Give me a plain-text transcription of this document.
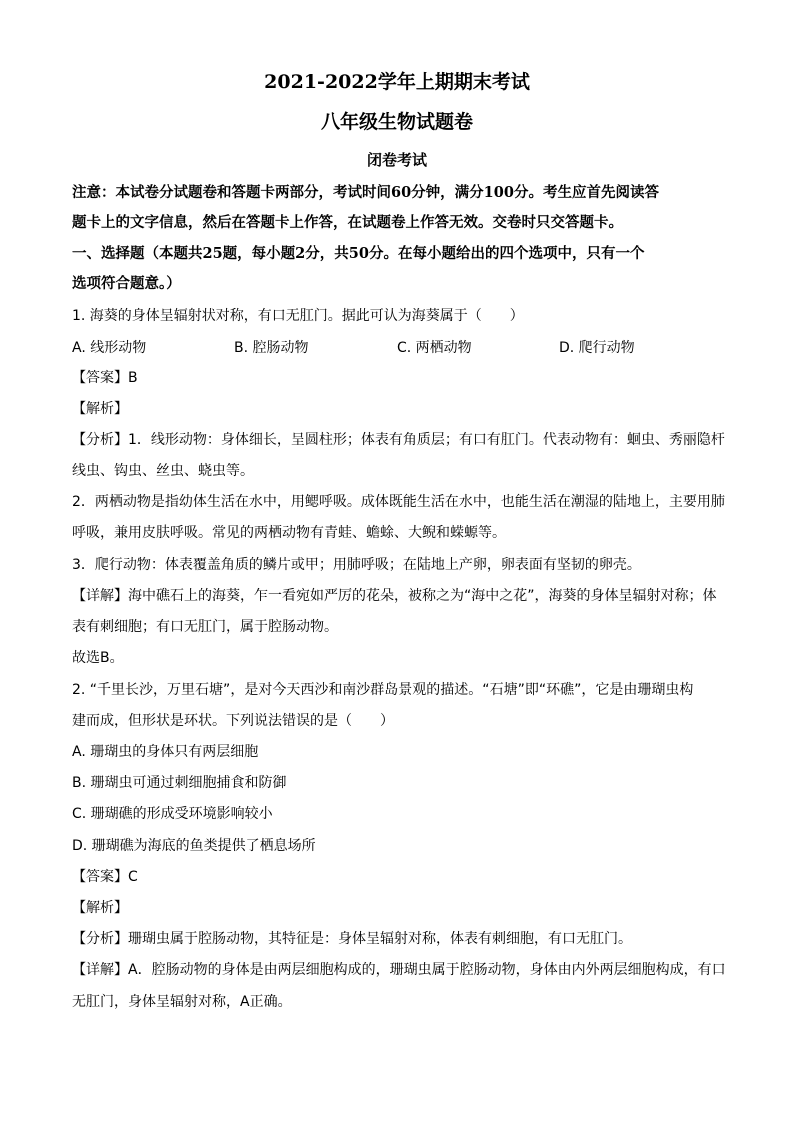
2021-2022学年上期期末考试
八年级生物试题卷
闭卷考试
注意：本试卷分试题卷和答题卡两部分，考试时间60分钟，满分100分。考生应首先阅读答
题卡上的文字信息，然后在答题卡上作答，在试题卷上作答无效。交卷时只交答题卡。
一、选择题（本题共25题，每小题2分，共50分。在每小题给出的四个选项中，只有一个
选项符合题意。）
1. 海葵的身体呈辐射状对称，有口无肛门。据此可认为海葵属于（　　）
A. 线形动物	B. 腔肠动物	C. 两栖动物	D. 爬行动物
【答案】B
【解析】
【分析】1．线形动物：身体细长，呈圆柱形；体表有角质层；有口有肛门。代表动物有：蛔虫、秀丽隐杆
线虫、钩虫、丝虫、蛲虫等。
2．两栖动物是指幼体生活在水中，用鳃呼吸。成体既能生活在水中，也能生活在潮湿的陆地上，主要用肺
呼吸，兼用皮肤呼吸。常见的两栖动物有青蛙、蟾蜍、大鲵和蝾螈等。
3．爬行动物：体表覆盖角质的鳞片或甲；用肺呼吸；在陆地上产卵，卵表面有坚韧的卵壳。
【详解】海中礁石上的海葵，乍一看宛如严厉的花朵，被称之为“海中之花”，海葵的身体呈辐射对称；体
表有刺细胞；有口无肛门，属于腔肠动物。
故选B。
2. “千里长沙，万里石塘”，是对今天西沙和南沙群岛景观的描述。“石塘”即“环礁”，它是由珊瑚虫构
建而成，但形状是环状。下列说法错误的是（　　）
A. 珊瑚虫的身体只有两层细胞
B. 珊瑚虫可通过刺细胞捕食和防御
C. 珊瑚礁的形成受环境影响较小
D. 珊瑚礁为海底的鱼类提供了栖息场所
【答案】C
【解析】
【分析】珊瑚虫属于腔肠动物，其特征是：身体呈辐射对称，体表有刺细胞，有口无肛门。
【详解】A．腔肠动物的身体是由两层细胞构成的，珊瑚虫属于腔肠动物，身体由内外两层细胞构成，有口
无肛门，身体呈辐射对称，A正确。
